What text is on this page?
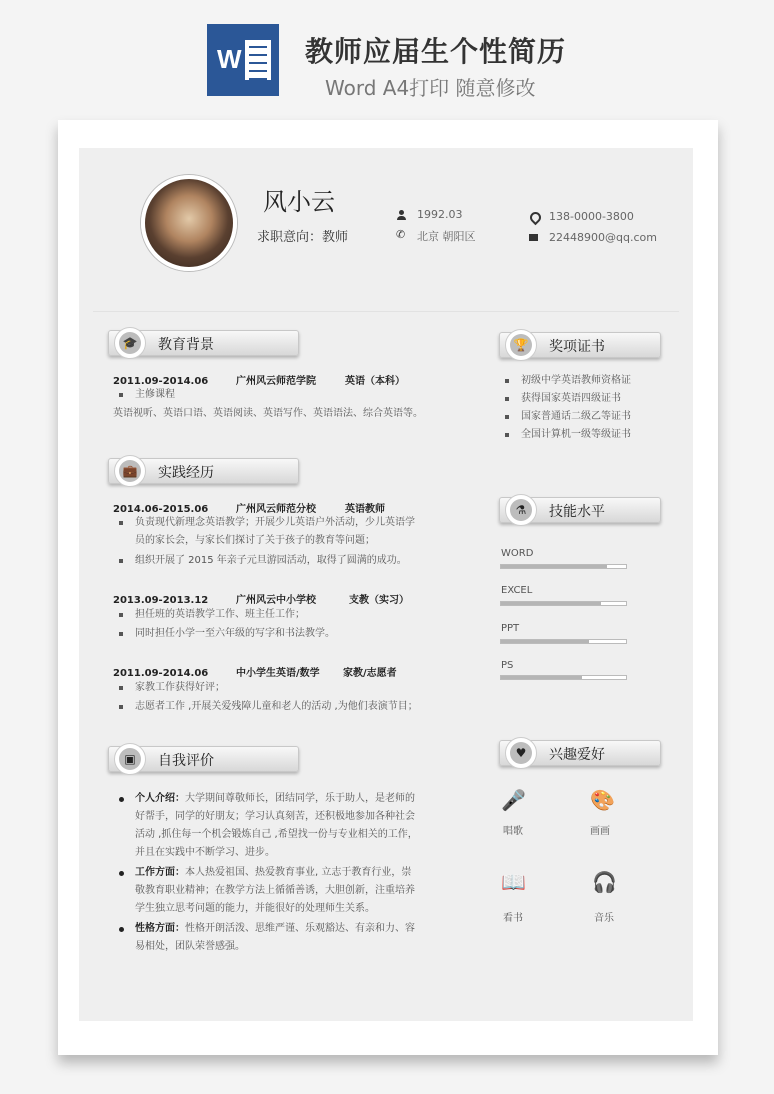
W 教师应届生个性简历
Word A4打印 随意修改
风小云
求职意向：教师
1992.03
✆
北京 朝阳区
138-0000-3800
22448900@qq.com
🎓 教育背景
2011.09-2014.06	广州风云师范学院	英语（本科）
主修课程
英语视听、英语口语、英语阅读、英语写作、英语语法、综合英语等。
💼 实践经历
2014.06-2015.06	广州风云师范分校	英语教师
负责现代新理念英语教学；开展少儿英语户外活动，少儿英语学
员的家长会，与家长们探讨了关于孩子的教育等问题；
组织开展了 2015 年亲子元旦游园活动，取得了圆满的成功。
2013.09-2013.12	广州风云中小学校	支教（实习）
担任班的英语教学工作、班主任工作；
同时担任小学一至六年级的写字和书法教学。
2011.09-2014.06	中小学生英语/数学 家教/志愿者
家教工作获得好评；
志愿者工作 ,开展关爱残障儿童和老人的活动 ,为他们表演节目；
▣	自我评价
个人介绍：大学期间尊敬师长，团结同学，乐于助人，是老师的
好帮手，同学的好朋友；学习认真刻苦，还积极地参加各种社会
活动 ,抓住每一个机会锻炼自己 ,希望找一份与专业相关的工作，
并且在实践中不断学习、进步。
工作方面：本人热爱祖国、热爱教育事业, 立志于教育行业，崇
敬教育职业精神；在教学方法上循循善诱，大胆创新，注重培养
学生独立思考问题的能力，并能很好的处理师生关系。
性格方面：性格开朗活泼、思维严谨、乐观豁达、有亲和力、容
易相处，团队荣誉感强。
🏆 奖项证书
初级中学英语教师资格证
获得国家英语四级证书
国家普通话二级乙等证书
全国计算机一级等级证书
⚗	技能水平
WORD
EXCEL
PPT
PS
♥	兴趣爱好
🎤
唱歌
🎨
画画
📖
看书
🎧
音乐
